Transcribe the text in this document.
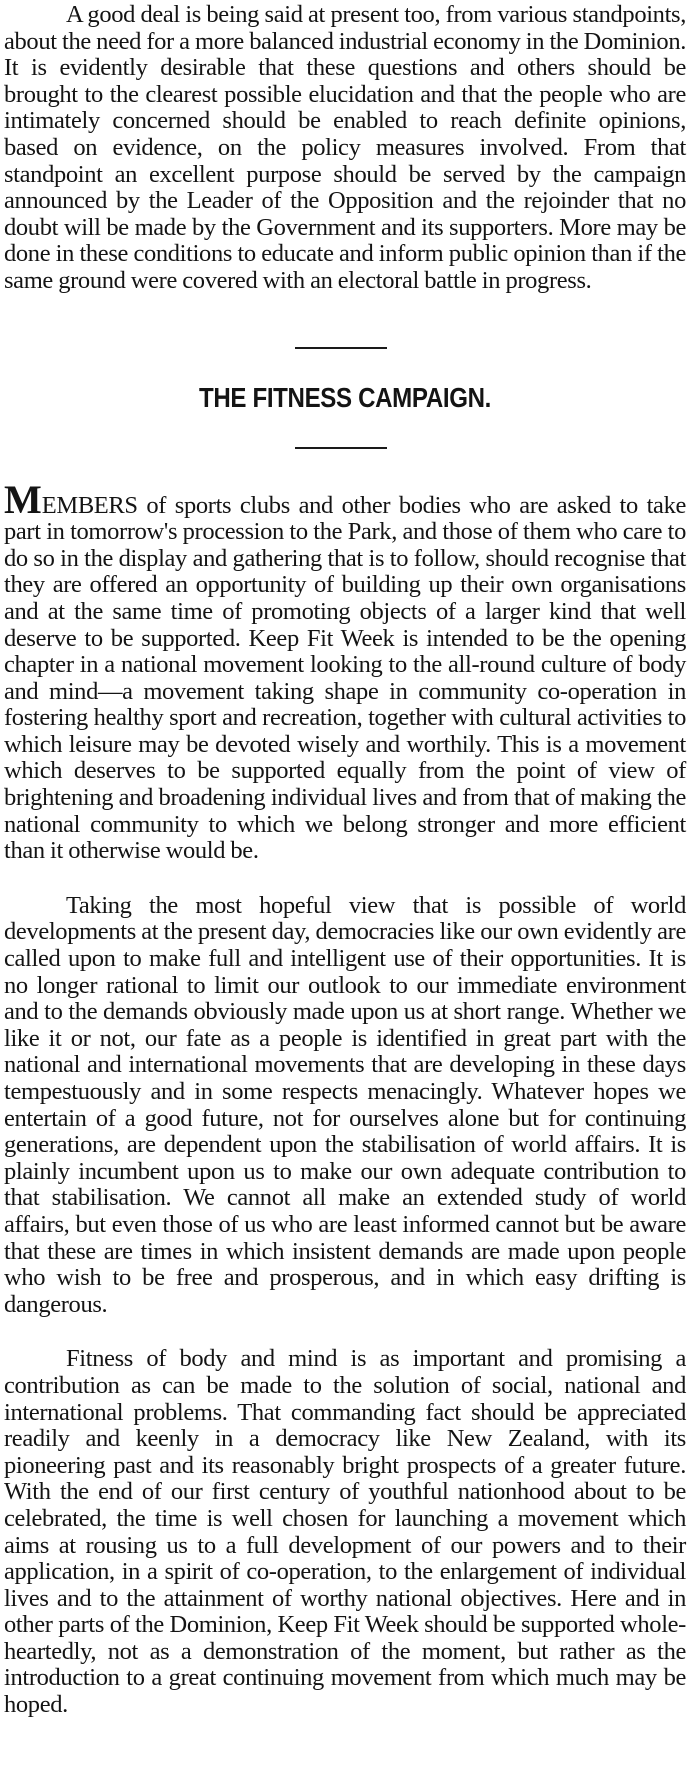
A good deal is being said at present too, from various standpoints, about the need for a more balanced industrial economy in the Dominion. It is evidently desirable that these questions and others should be brought to the clearest possible elucidation and that the people who are intimately concerned should be enabled to reach definite opinions, based on evidence, on the policy measures involved. From that standpoint an excellent purpose should be served by the campaign announced by the Leader of the Opposition and the rejoinder that no doubt will be made by the Government and its supporters. More may be done in these conditions to educate and inform public opinion than if the same ground were covered with an electoral battle in progress.

THE FITNESS CAMPAIGN.

MEMBERS of sports clubs and other bodies who are asked to take part in tomorrow's procession to the Park, and those of them who care to do so in the display and gathering that is to follow, should recognise that they are offered an opportunity of building up their own organisations and at the same time of promoting objects of a larger kind that well deserve to be supported. Keep Fit Week is intended to be the opening chapter in a national movement looking to the all-round culture of body and mind—a movement taking shape in community co-operation in fostering healthy sport and recreation, together with cultural activities to which leisure may be devoted wisely and worthily. This is a movement which deserves to be supported equally from the point of view of brightening and broadening individual lives and from that of making the national community to which we belong stronger and more efficient than it otherwise would be.

Taking the most hopeful view that is possible of world developments at the present day, democracies like our own evidently are called upon to make full and intelligent use of their opportunities. It is no longer rational to limit our outlook to our immediate environment and to the demands obviously made upon us at short range. Whether we like it or not, our fate as a people is identified in great part with the national and international movements that are developing in these days tempestuously and in some respects menacingly. Whatever hopes we entertain of a good future, not for ourselves alone but for continuing generations, are dependent upon the stabilisation of world affairs. It is plainly incumbent upon us to make our own adequate contribution to that stabilisation. We cannot all make an extended study of world affairs, but even those of us who are least informed cannot but be aware that these are times in which insistent demands are made upon people who wish to be free and prosperous, and in which easy drifting is dangerous.

Fitness of body and mind is as important and promising a contribution as can be made to the solution of social, national and international problems. That commanding fact should be appreciated readily and keenly in a democracy like New Zealand, with its pioneering past and its reasonably bright prospects of a greater future. With the end of our first century of youthful nationhood about to be celebrated, the time is well chosen for launching a movement which aims at rousing us to a full development of our powers and to their application, in a spirit of co-operation, to the enlargement of individual lives and to the attainment of worthy national objectives. Here and in other parts of the Dominion, Keep Fit Week should be supported whole-heartedly, not as a demonstration of the moment, but rather as the introduction to a great continuing movement from which much may be hoped.
